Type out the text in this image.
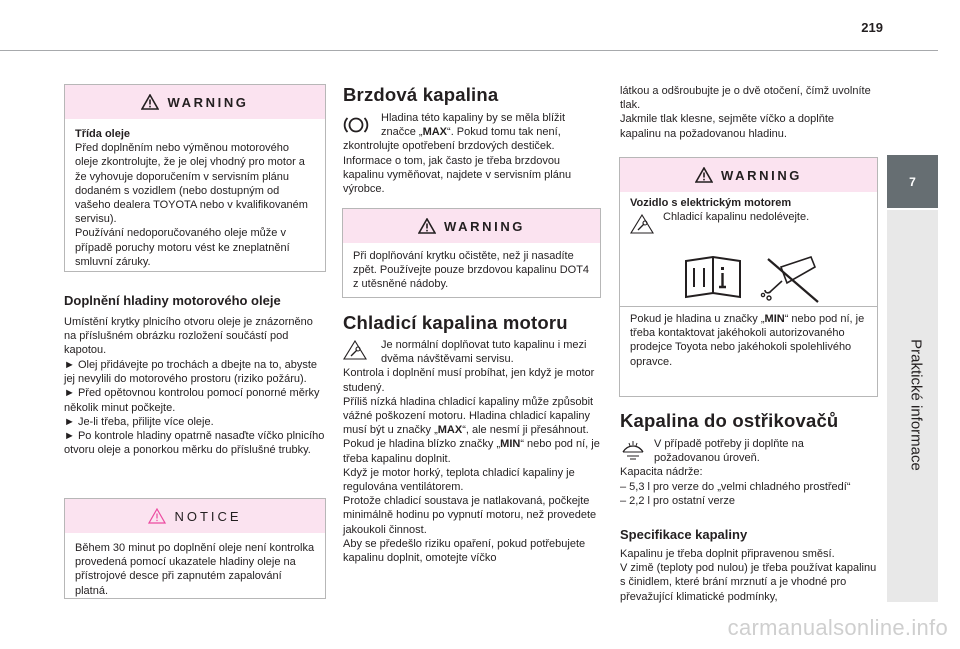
219
WARNING
Třída oleje
Před doplněním nebo výměnou motorového oleje zkontrolujte, že je olej vhodný pro motor a že vyhovuje doporučením v servisním plánu dodaném s vozidlem (nebo dostupným od vašeho dealera TOYOTA nebo v kvalifikovaném servisu).
Používání nedoporučovaného oleje může v případě poruchy motoru vést ke zneplatnění smluvní záruky.
Doplnění hladiny motorového oleje
Umístění krytky plnicího otvoru oleje je znázorněno na příslušném obrázku rozložení součástí pod kapotou.
► Olej přidávejte po trochách a dbejte na to, abyste jej nevylili do motorového prostoru (riziko požáru).
► Před opětovnou kontrolou pomocí ponorné měrky několik minut počkejte.
► Je-li třeba, přilijte více oleje.
► Po kontrole hladiny opatrně nasaďte víčko plnicího otvoru oleje a ponorkou měrku do příslušné trubky.
NOTICE
Během 30 minut po doplnění oleje není kontrolka provedená pomocí ukazatele hladiny oleje na přístrojové desce při zapnutém zapalování platná.
Brzdová kapalina
Hladina této kapaliny by se měla blížit
značce „MAX“. Pokud tomu tak není,
zkontrolujte opotřebení brzdových destiček.
Informace o tom, jak často je třeba brzdovou kapalinu vyměňovat, najdete v servisním plánu výrobce.
WARNING
Při doplňování krytku očistěte, než ji nasadíte zpět. Používejte pouze brzdovou kapalinu DOT4 z utěsněné nádoby.
Chladicí kapalina motoru
Je normální doplňovat tuto kapalinu i mezi
dvěma návštěvami servisu.
Kontrola i doplnění musí probíhat, jen když je motor studený.
Příliš nízká hladina chladicí kapaliny může způsobit vážné poškození motoru. Hladina chladicí kapaliny musí být u značky „MAX“, ale nesmí ji přesáhnout.
Pokud je hladina blízko značky „MIN“ nebo pod ní, je třeba kapalinu doplnit.
Když je motor horký, teplota chladicí kapaliny je regulována ventilátorem.
Protože chladicí soustava je natlakovaná, počkejte minimálně hodinu po vypnutí motoru, než provedete jakoukoli činnost.
Aby se předešlo riziku opaření, pokud potřebujete kapalinu doplnit, omotejte víčko
látkou a odšroubujte je o dvě otočení, čímž uvolníte tlak.
Jakmile tlak klesne, sejměte víčko a doplňte kapalinu na požadovanou hladinu.
WARNING
Vozidlo s elektrickým motorem
Chladicí kapalinu nedolévejte.
Pokud je hladina u značky „MIN“ nebo pod ní, je třeba kontaktovat jakéhokoli autorizovaného prodejce Toyota nebo jakéhokoli spolehlivého opravce.
Kapalina do ostřikovačů
V případě potřeby ji doplňte na
požadovanou úroveň.
Kapacita nádrže:
– 5,3 l pro verze do „velmi chladného prostředí“
– 2,2 l pro ostatní verze
Specifikace kapaliny
Kapalinu je třeba doplnit připravenou směsí.
V zimě (teploty pod nulou) je třeba používat kapalinu s činidlem, které brání mrznutí a je vhodné pro převažující klimatické podmínky,
7
Praktické informace
carmanualsonline.info
